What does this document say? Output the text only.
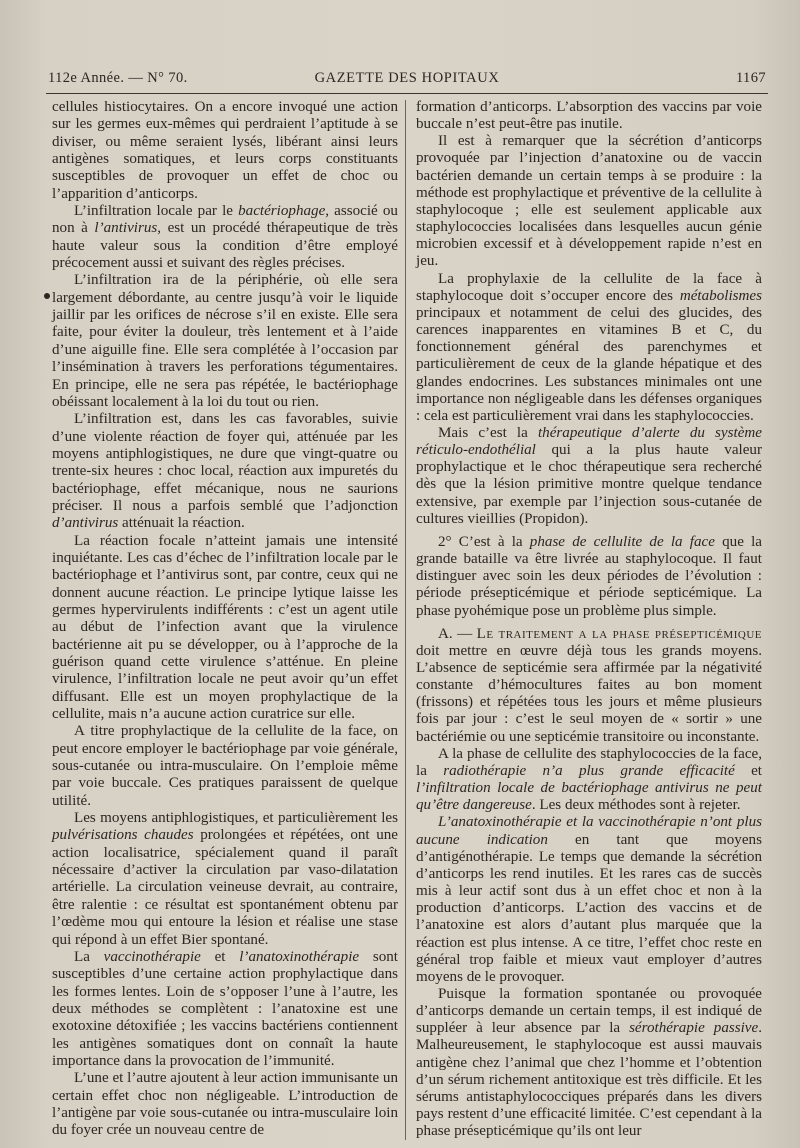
112e Année. — N° 70.	GAZETTE DES HOPITAUX	1167

cellules histiocytaires. On a encore invoqué une action sur les germes eux-mêmes qui perdraient l’aptitude à se diviser, ou même seraient lysés, libérant ainsi leurs antigènes somatiques, et leurs corps constituants susceptibles de provoquer un effet de choc ou l’apparition d’anticorps.

L’infiltration locale par le bactériophage, associé ou non à l’antivirus, est un procédé thérapeutique de très haute valeur sous la condition d’être employé précocement aussi et suivant des règles précises.

L’infiltration ira de la périphérie, où elle sera largement débordante, au centre jusqu’à voir le liquide jaillir par les orifices de nécrose s’il en existe. Elle sera faite, pour éviter la douleur, très lentement et à l’aide d’une aiguille fine. Elle sera complétée à l’occasion par l’insémination à travers les perforations tégumentaires. En principe, elle ne sera pas répétée, le bactériophage obéissant localement à la loi du tout ou rien.

L’infiltration est, dans les cas favorables, suivie d’une violente réaction de foyer qui, atténuée par les moyens antiphlogistiques, ne dure que vingt-quatre ou trente-six heures : choc local, réaction aux impuretés du bactériophage, effet mécanique, nous ne saurions préciser. Il nous a parfois semblé que l’adjonction d’antivirus atténuait la réaction.

La réaction focale n’atteint jamais une intensité inquiétante. Les cas d’échec de l’infiltration locale par le bactériophage et l’antivirus sont, par contre, ceux qui ne donnent aucune réaction. Le principe lytique laisse les germes hypervirulents indifférents : c’est un agent utile au début de l’infection avant que la virulence bactérienne ait pu se développer, ou à l’approche de la guérison quand cette virulence s’atténue. En pleine virulence, l’infiltration locale ne peut avoir qu’un effet diffusant. Elle est un moyen prophylactique de la cellulite, mais n’a aucune action curatrice sur elle.

A titre prophylactique de la cellulite de la face, on peut encore employer le bactériophage par voie générale, sous-cutanée ou intra-musculaire. On l’emploie même par voie buccale. Ces pratiques paraissent de quelque utilité.

Les moyens antiphlogistiques, et particulièrement les pulvérisations chaudes prolongées et répétées, ont une action localisatrice, spécialement quand il paraît nécessaire d’activer la circulation par vaso-dilatation artérielle. La circulation veineuse devrait, au contraire, être ralentie : ce résultat est spontanément obtenu par l’œdème mou qui entoure la lésion et réalise une stase qui répond à un effet Bier spontané.

La vaccinothérapie et l’anatoxinothérapie sont susceptibles d’une certaine action prophylactique dans les formes lentes. Loin de s’opposer l’une à l’autre, les deux méthodes se complètent : l’anatoxine est une exotoxine détoxifiée ; les vaccins bactériens contiennent les antigènes somatiques dont on connaît la haute importance dans la provocation de l’immunité.

L’une et l’autre ajoutent à leur action immunisante un certain effet choc non négligeable. L’introduction de l’antigène par voie sous-cutanée ou intra-musculaire loin du foyer crée un nouveau centre de

formation d’anticorps. L’absorption des vaccins par voie buccale n’est peut-être pas inutile.

Il est à remarquer que la sécrétion d’anticorps provoquée par l’injection d’anatoxine ou de vaccin bactérien demande un certain temps à se produire : la méthode est prophylactique et préventive de la cellulite à staphylocoque ; elle est seulement applicable aux staphylococcies localisées dans lesquelles aucun génie microbien excessif et à développement rapide n’est en jeu.

La prophylaxie de la cellulite de la face à staphylocoque doit s’occuper encore des métabolismes principaux et notamment de celui des glucides, des carences inapparentes en vitamines B et C, du fonctionnement général des parenchymes et particulièrement de ceux de la glande hépatique et des glandes endocrines. Les substances minimales ont une importance non négligeable dans les défenses organiques : cela est particulièrement vrai dans les staphylococcies.

Mais c’est la thérapeutique d’alerte du système réticulo-endothélial qui a la plus haute valeur prophylactique et le choc thérapeutique sera recherché dès que la lésion primitive montre quelque tendance extensive, par exemple par l’injection sous-cutanée de cultures vieillies (Propidon).

2° C’est à la phase de cellulite de la face que la grande bataille va être livrée au staphylocoque. Il faut distinguer avec soin les deux périodes de l’évolution : période présepticémique et période septicémique. La phase pyohémique pose un problème plus simple.

A. — Le traitement a la phase présepticémique doit mettre en œuvre déjà tous les grands moyens. L’absence de septicémie sera affirmée par la négativité constante d’hémocultures faites au bon moment (frissons) et répétées tous les jours et même plusieurs fois par jour : c’est le seul moyen de « sortir » une bactériémie ou une septicémie transitoire ou inconstante.

A la phase de cellulite des staphylococcies de la face, la radiothérapie n’a plus grande efficacité et l’infiltration locale de bactériophage antivirus ne peut qu’être dangereuse. Les deux méthodes sont à rejeter.

L’anatoxinothérapie et la vaccinothérapie n’ont plus aucune indication en tant que moyens d’antigénothérapie. Le temps que demande la sécrétion d’anticorps les rend inutiles. Et les rares cas de succès mis à leur actif sont dus à un effet choc et non à la production d’anticorps. L’action des vaccins et de l’anatoxine est alors d’autant plus marquée que la réaction est plus intense. A ce titre, l’effet choc reste en général trop faible et mieux vaut employer d’autres moyens de le provoquer.

Puisque la formation spontanée ou provoquée d’anticorps demande un certain temps, il est indiqué de suppléer à leur absence par la sérothérapie passive. Malheureusement, le staphylocoque est aussi mauvais antigène chez l’animal que chez l’homme et l’obtention d’un sérum richement antitoxique est très difficile. Et les sérums antistaphylococciques préparés dans les divers pays restent d’une efficacité limitée. C’est cependant à la phase présepticémique qu’ils ont leur
